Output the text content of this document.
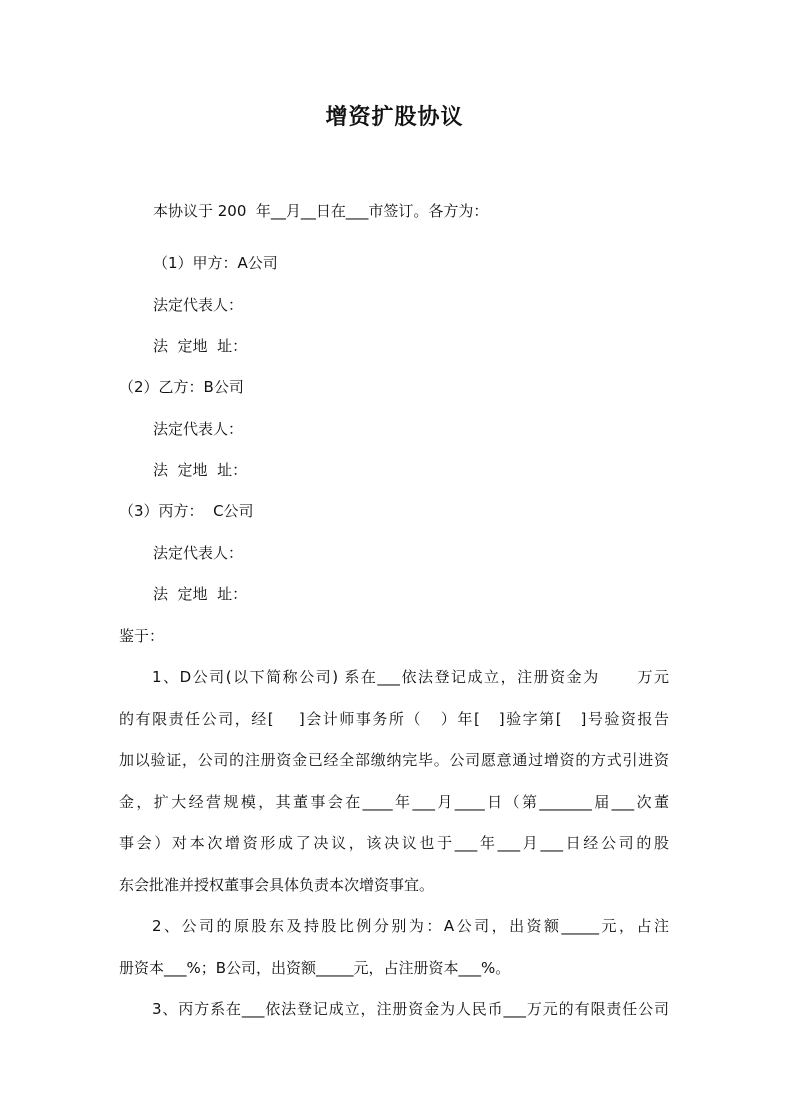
增资扩股协议
本协议于 200  年__月__日在___市签订。各方为：
（1）甲方：A公司
法定代表人：
法  定地  址：
（2）乙方：B公司
法定代表人：
法  定地  址：
（3）丙方：  C公司
法定代表人：
法  定地  址：
鉴于：
1、D公司(以下简称公司) 系在___依法登记成立，注册资金为      万元
的有限责任公司，经[    ]会计师事务所（   ）年[   ]验字第[   ]号验资报告
加以验证，公司的注册资金已经全部缴纳完毕。公司愿意通过增资的方式引进资
金，扩大经营规模，其董事会在____年___月____日（第_______届___次董
事会）对本次增资形成了决议，该决议也于___年___月___日经公司的股
东会批准并授权董事会具体负责本次增资事宜。
2、公司的原股东及持股比例分别为：A公司，出资额_____元，占注
册资本___%；B公司，出资额_____元，占注册资本___%。
3、丙方系在___依法登记成立，注册资金为人民币___万元的有限责任公司
